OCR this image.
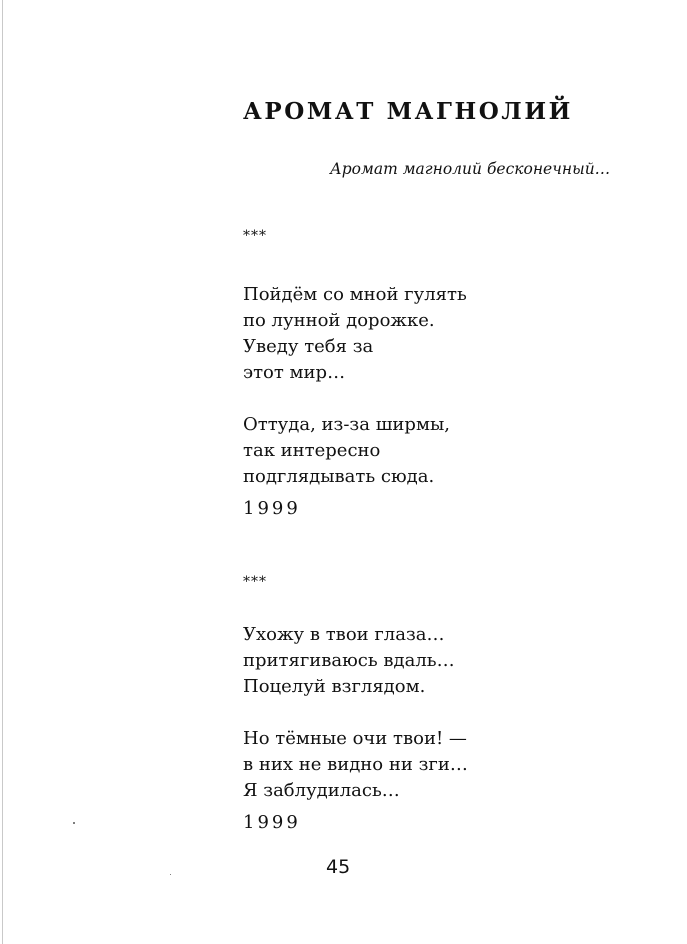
АРОМАТ МАГНОЛИЙ

Аромат магнолий бесконечный…

***
Пойдём со мной гулять
по лунной дорожке.
Уведу тебя за
этот мир…
Оттуда, из-за ширмы,
так интересно
подглядывать сюда.
1999
***
Ухожу в твои глаза…
притягиваюсь вдаль…
Поцелуй взглядом.
Но тёмные очи твои! —
в них не видно ни зги…
Я заблудилась…
1999
45
